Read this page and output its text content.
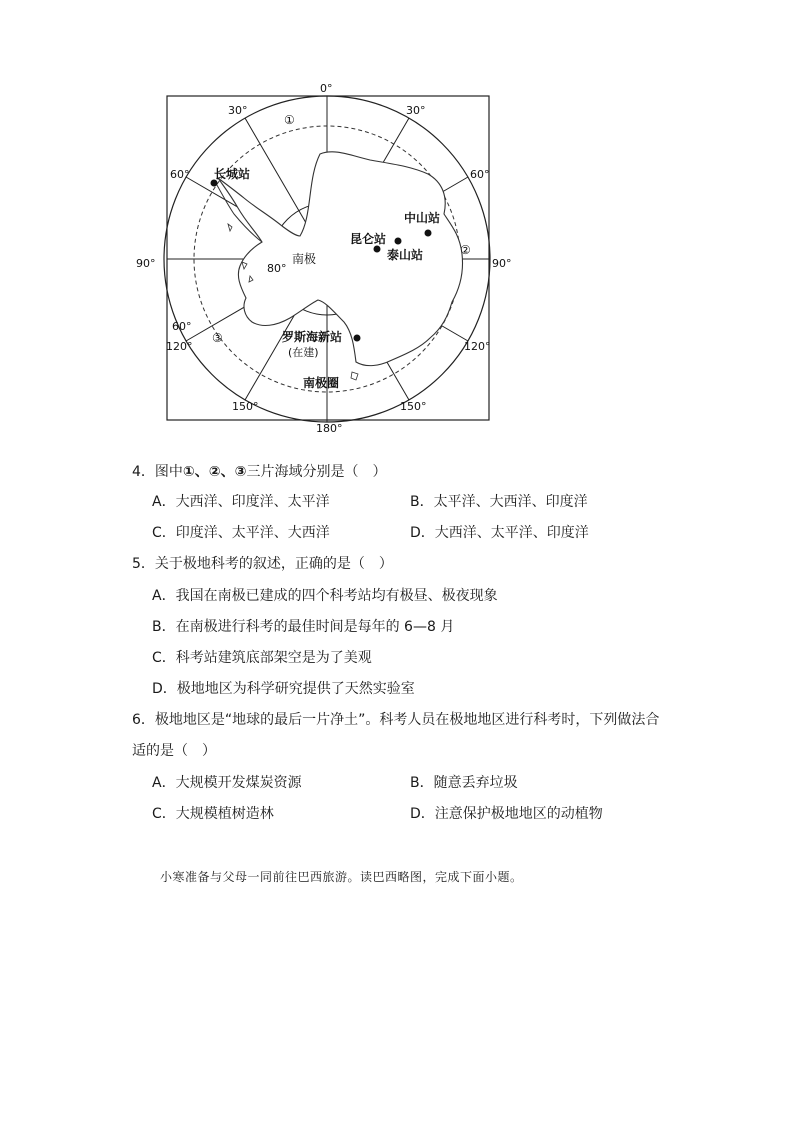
0°
30°	30°
60°	60°
90°	90°
120°	120°
150°	150°
180°
60°
80°
①
②
③
长城站
中山站
昆仑站
泰山站
罗斯海新站
(在建)
南极
南极圈
4．图中①、②、③三片海域分别是（　）
A．大西洋、印度洋、太平洋	B．太平洋、大西洋、印度洋
C．印度洋、太平洋、大西洋	D．大西洋、太平洋、印度洋
5．关于极地科考的叙述，正确的是（　）
A．我国在南极已建成的四个科考站均有极昼、极夜现象
B．在南极进行科考的最佳时间是每年的 6—8 月
C．科考站建筑底部架空是为了美观
D．极地地区为科学研究提供了天然实验室
6．极地地区是“地球的最后一片净土”。科考人员在极地地区进行科考时，下列做法合
适的是（　）
A．大规模开发煤炭资源	B．随意丢弃垃圾
C．大规模植树造林	D．注意保护极地地区的动植物
小寒准备与父母一同前往巴西旅游。读巴西略图，完成下面小题。
